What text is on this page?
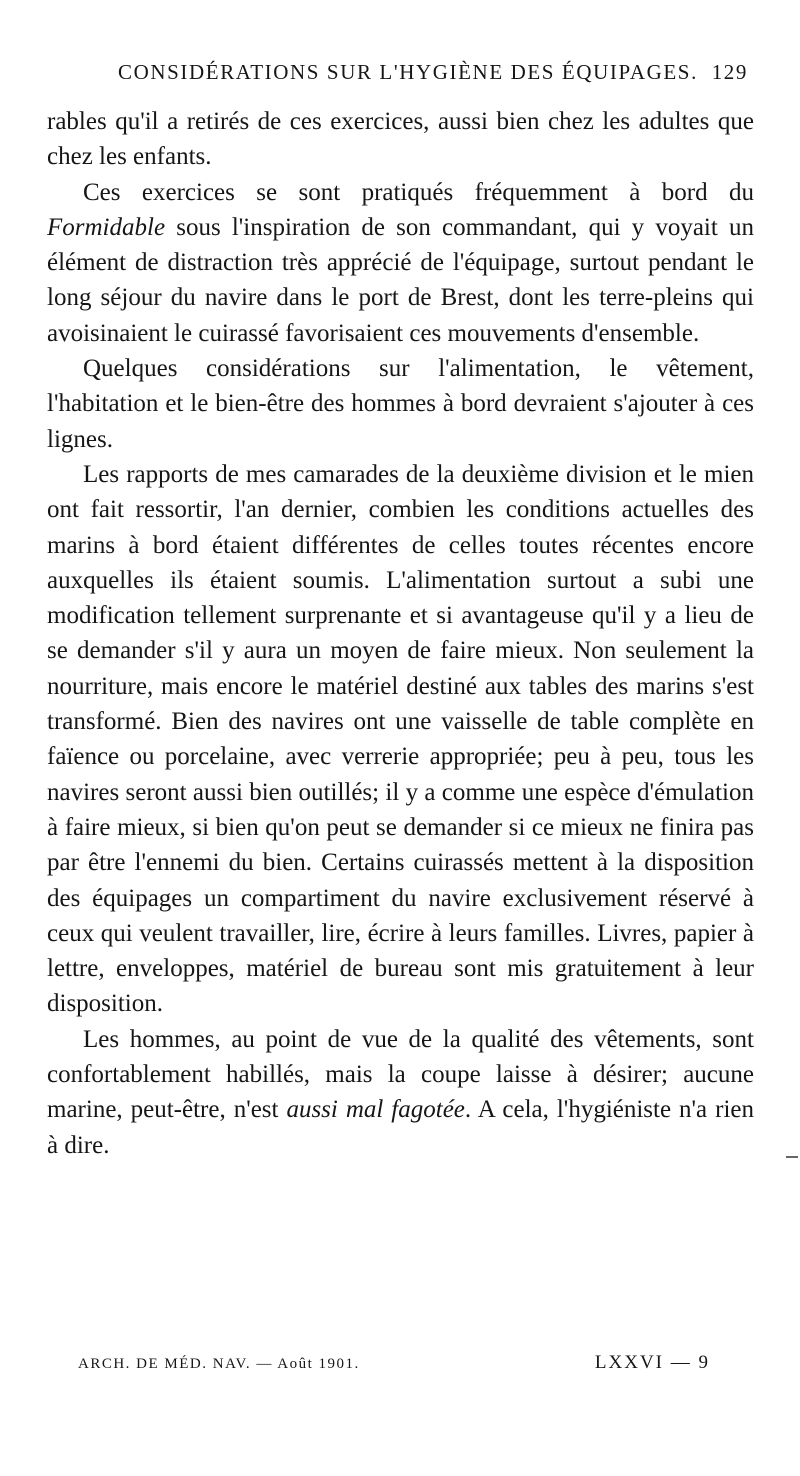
CONSIDÉRATIONS SUR L'HYGIÈNE DES ÉQUIPAGES. 129

rables qu'il a retirés de ces exercices, aussi bien chez les adultes que chez les enfants.

Ces exercices se sont pratiqués fréquemment à bord du Formidable sous l'inspiration de son commandant, qui y voyait un élément de distraction très apprécié de l'équipage, surtout pendant le long séjour du navire dans le port de Brest, dont les terre-pleins qui avoisinaient le cuirassé favorisaient ces mouvements d'ensemble.

Quelques considérations sur l'alimentation, le vêtement, l'habitation et le bien-être des hommes à bord devraient s'ajouter à ces lignes.

Les rapports de mes camarades de la deuxième division et le mien ont fait ressortir, l'an dernier, combien les conditions actuelles des marins à bord étaient différentes de celles toutes récentes encore auxquelles ils étaient soumis. L'alimentation surtout a subi une modification tellement surprenante et si avantageuse qu'il y a lieu de se demander s'il y aura un moyen de faire mieux. Non seulement la nourriture, mais encore le matériel destiné aux tables des marins s'est transformé. Bien des navires ont une vaisselle de table complète en faïence ou porcelaine, avec verrerie appropriée; peu à peu, tous les navires seront aussi bien outillés; il y a comme une espèce d'émulation à faire mieux, si bien qu'on peut se demander si ce mieux ne finira pas par être l'ennemi du bien. Certains cuirassés mettent à la disposition des équipages un compartiment du navire exclusivement réservé à ceux qui veulent travailler, lire, écrire à leurs familles. Livres, papier à lettre, enveloppes, matériel de bureau sont mis gratuitement à leur disposition.

Les hommes, au point de vue de la qualité des vêtements, sont confortablement habillés, mais la coupe laisse à désirer; aucune marine, peut-être, n'est aussi mal fagotée. A cela, l'hygiéniste n'a rien à dire.

ARCH. DE MÉD. NAV. — Août 1901.	LXXVI — 9
